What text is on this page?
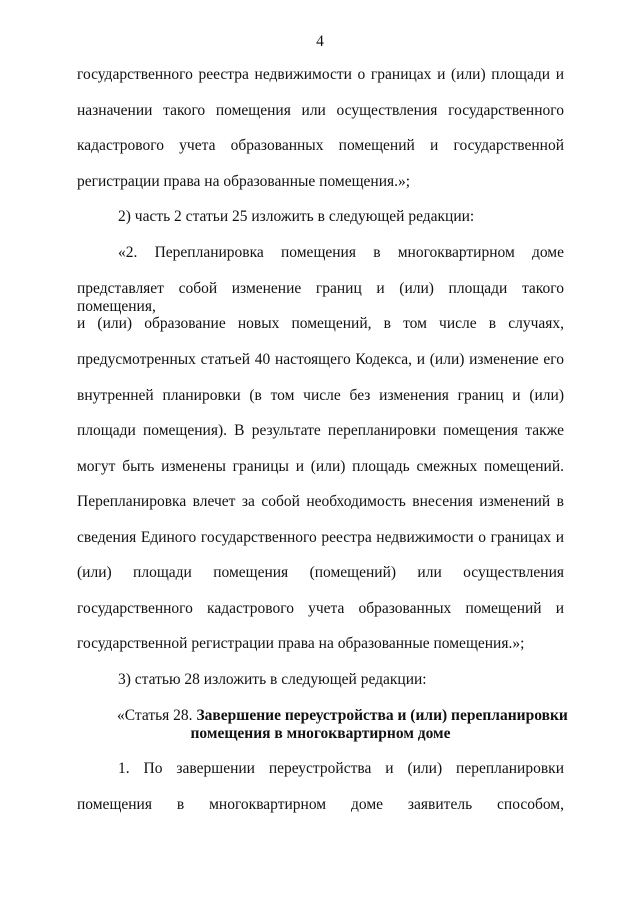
4
государственного реестра недвижимости о границах и (или) площади и
назначении такого помещения или осуществления государственного
кадастрового учета образованных помещений и государственной
регистрации права на образованные помещения.»;
2) часть 2 статьи 25 изложить в следующей редакции:
«2. Перепланировка помещения в многоквартирном доме
представляет собой изменение границ и (или) площади такого помещения,
и (или) образование новых помещений, в том числе в случаях,
предусмотренных статьей 40 настоящего Кодекса, и (или) изменение его
внутренней планировки (в том числе без изменения границ и (или)
площади помещения). В результате перепланировки помещения также
могут быть изменены границы и (или) площадь смежных помещений.
Перепланировка влечет за собой необходимость внесения изменений в
сведения Единого государственного реестра недвижимости о границах и
(или) площади помещения (помещений) или осуществления
государственного кадастрового учета образованных помещений и
государственной регистрации права на образованные помещения.»;
3) статью 28 изложить в следующей редакции:
«Статья 28. Завершение переустройства и (или) перепланировки
помещения в многоквартирном доме
1. По завершении переустройства и (или) перепланировки
помещения в многоквартирном доме заявитель способом,
